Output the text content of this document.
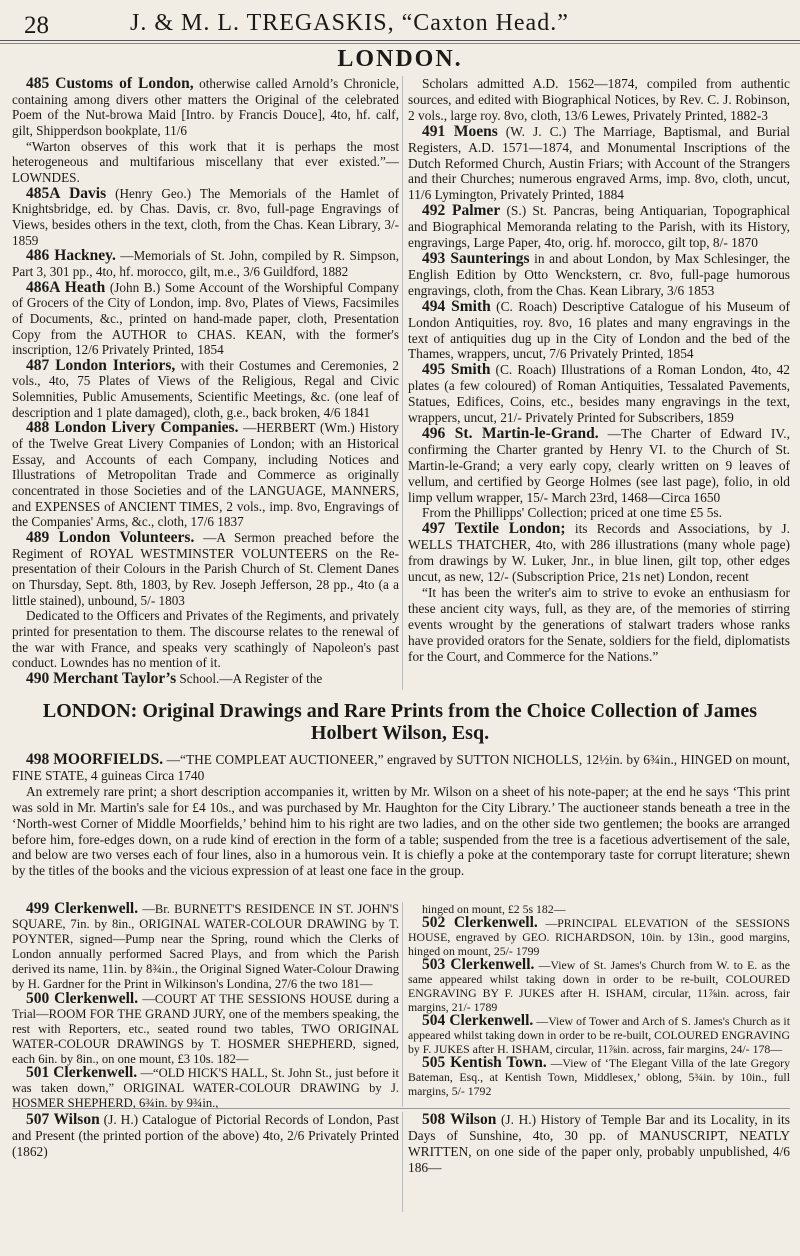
28	J. & M. L. TREGASKIS, “Caxton Head.”
LONDON.

485 Customs of London, otherwise called Arnold’s Chronicle, containing among divers other matters the Original of the celebrated Poem of the Nut-browa Maid [Intro. by Francis Douce], 4to, hf. calf, gilt, Shipperdson bookplate, 11/6

“Warton observes of this work that it is perhaps the most heterogeneous and multifarious miscellany that ever existed.”—LOWNDES.

485A Davis (Henry Geo.) The Memorials of the Hamlet of Knightsbridge, ed. by Chas. Davis, cr. 8vo, full-page Engravings of Views, besides others in the text, cloth, from the Chas. Kean Library, 3/- 1859

486 Hackney. —Memorials of St. John, compiled by R. Simpson, Part 3, 301 pp., 4to, hf. morocco, gilt, m.e., 3/6 Guildford, 1882

486A Heath (John B.) Some Account of the Worshipful Company of Grocers of the City of London, imp. 8vo, Plates of Views, Facsimiles of Documents, &c., printed on hand-made paper, cloth, Presentation Copy from the AUTHOR to CHAS. KEAN, with the former's inscription, 12/6 Privately Printed, 1854

487 London Interiors, with their Costumes and Ceremonies, 2 vols., 4to, 75 Plates of Views of the Religious, Regal and Civic Solemnities, Public Amusements, Scientific Meetings, &c. (one leaf of description and 1 plate damaged), cloth, g.e., back broken, 4/6 1841

488 London Livery Companies. —HERBERT (Wm.) History of the Twelve Great Livery Companies of London; with an Historical Essay, and Accounts of each Company, including Notices and Illustrations of Metropolitan Trade and Commerce as originally concentrated in those Societies and of the LANGUAGE, MANNERS, and EXPENSES of ANCIENT TIMES, 2 vols., imp. 8vo, Engravings of the Companies' Arms, &c., cloth, 17/6 1837

489 London Volunteers. —A Sermon preached before the Regiment of ROYAL WESTMINSTER VOLUNTEERS on the Re-presentation of their Colours in the Parish Church of St. Clement Danes on Thursday, Sept. 8th, 1803, by Rev. Joseph Jefferson, 28 pp., 4to (a a little stained), unbound, 5/- 1803

Dedicated to the Officers and Privates of the Regiments, and privately printed for presentation to them. The discourse relates to the renewal of the war with France, and speaks very scathingly of Napoleon's past conduct. Lowndes has no mention of it.

490 Merchant Taylor’s School.—A Register of the

Scholars admitted A.D. 1562—1874, compiled from authentic sources, and edited with Biographical Notices, by Rev. C. J. Robinson, 2 vols., large roy. 8vo, cloth, 13/6 Lewes, Privately Printed, 1882-3

491 Moens (W. J. C.) The Marriage, Baptismal, and Burial Registers, A.D. 1571—1874, and Monumental Inscriptions of the Dutch Reformed Church, Austin Friars; with Account of the Strangers and their Churches; numerous engraved Arms, imp. 8vo, cloth, uncut, 11/6 Lymington, Privately Printed, 1884

492 Palmer (S.) St. Pancras, being Antiquarian, Topographical and Biographical Memoranda relating to the Parish, with its History, engravings, Large Paper, 4to, orig. hf. morocco, gilt top, 8/- 1870

493 Saunterings in and about London, by Max Schlesinger, the English Edition by Otto Wenckstern, cr. 8vo, full-page humorous engravings, cloth, from the Chas. Kean Library, 3/6 1853

494 Smith (C. Roach) Descriptive Catalogue of his Museum of London Antiquities, roy. 8vo, 16 plates and many engravings in the text of antiquities dug up in the City of London and the bed of the Thames, wrappers, uncut, 7/6 Privately Printed, 1854

495 Smith (C. Roach) Illustrations of a Roman London, 4to, 42 plates (a few coloured) of Roman Antiquities, Tessalated Pavements, Statues, Edifices, Coins, etc., besides many engravings in the text, wrappers, uncut, 21/- Privately Printed for Subscribers, 1859

496 St. Martin-le-Grand. —The Charter of Edward IV., confirming the Charter granted by Henry VI. to the Church of St. Martin-le-Grand; a very early copy, clearly written on 9 leaves of vellum, and certified by George Holmes (see last page), folio, in old limp vellum wrapper, 15/- March 23rd, 1468—Circa 1650

From the Phillipps' Collection; priced at one time £5 5s.

497 Textile London; its Records and Associations, by J. WELLS THATCHER, 4to, with 286 illustrations (many whole page) from drawings by W. Luker, Jnr., in blue linen, gilt top, other edges uncut, as new, 12/- (Subscription Price, 21s net) London, recent

“It has been the writer's aim to strive to evoke an enthusiasm for these ancient city ways, full, as they are, of the memories of stirring events wrought by the generations of stalwart traders whose ranks have provided orators for the Senate, soldiers for the field, diplomatists for the Court, and Commerce for the Nations.”

LONDON: Original Drawings and Rare Prints from the Choice Collection of James Holbert Wilson, Esq.

498 MOORFIELDS. —“THE COMPLEAT AUCTIONEER,” engraved by SUTTON NICHOLLS, 12½in. by 6¾in., HINGED on mount, FINE STATE, 4 guineas Circa 1740

An extremely rare print; a short description accompanies it, written by Mr. Wilson on a sheet of his note-paper; at the end he says ‘This print was sold in Mr. Martin's sale for £4 10s., and was purchased by Mr. Haughton for the City Library.’ The auctioneer stands beneath a tree in the ‘North-west Corner of Middle Moorfields,’ behind him to his right are two ladies, and on the other side two gentlemen; the books are arranged before him, fore-edges down, on a rude kind of erection in the form of a table; suspended from the tree is a facetious advertisement of the sale, and below are two verses each of four lines, also in a humorous vein. It is chiefly a poke at the contemporary taste for corrupt literature; shewn by the titles of the books and the vicious expression of at least one face in the group.

499 Clerkenwell. —Br. BURNETT'S RESIDENCE IN ST. JOHN'S SQUARE, 7in. by 8in., ORIGINAL WATER-COLOUR DRAWING by T. POYNTER, signed—Pump near the Spring, round which the Clerks of London annually performed Sacred Plays, and from which the Parish derived its name, 11in. by 8¾in., the Original Signed Water-Colour Drawing by H. Gardner for the Print in Wilkinson's Londina, 27/6 the two 181—

500 Clerkenwell. —COURT AT THE SESSIONS HOUSE during a Trial—ROOM FOR THE GRAND JURY, one of the members speaking, the rest with Reporters, etc., seated round two tables, TWO ORIGINAL WATER-COLOUR DRAWINGS by T. HOSMER SHEPHERD, signed, each 6in. by 8in., on one mount, £3 10s. 182—

501 Clerkenwell. —“OLD HICK'S HALL, St. John St., just before it was taken down,” ORIGINAL WATER-COLOUR DRAWING by J. HOSMER SHEPHERD, 6¾in. by 9¾in.,

hinged on mount, £2 5s 182—

502 Clerkenwell. —PRINCIPAL ELEVATION of the SESSIONS HOUSE, engraved by GEO. RICHARDSON, 10in. by 13in., good margins, hinged on mount, 25/- 1799

503 Clerkenwell. —View of St. James's Church from W. to E. as the same appeared whilst taking down in order to be re-built, COLOURED ENGRAVING BY F. JUKES after H. ISHAM, circular, 11⅞in. across, fair margins, 21/- 1789

504 Clerkenwell. —View of Tower and Arch of S. James's Church as it appeared whilst taking down in order to be re-built, COLOURED ENGRAVING by F. JUKES after H. ISHAM, circular, 11⅞in. across, fair margins, 24/- 178—

505 Kentish Town. —View of ‘The Elegant Villa of the late Gregory Bateman, Esq., at Kentish Town, Middlesex,’ oblong, 5¾in. by 10in., full margins, 5/- 1792

507 Wilson (J. H.) Catalogue of Pictorial Records of London, Past and Present (the printed portion of the above) 4to, 2/6 Privately Printed (1862)

508 Wilson (J. H.) History of Temple Bar and its Locality, in its Days of Sunshine, 4to, 30 pp. of MANUSCRIPT, NEATLY WRITTEN, on one side of the paper only, probably unpublished, 4/6 186—
